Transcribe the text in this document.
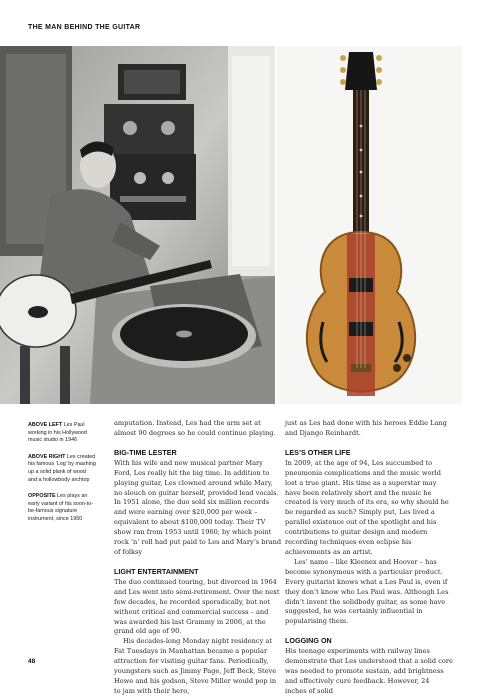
THE MAN BEHIND THE GUITAR

ABOVE LEFT Les Paul working in his Hollywood music studio in 1946

ABOVE RIGHT Les created his famous ‘Log’ by mashing up a solid plank of wood and a hollowbody archtop

OPPOSITE Les plays an early variant of his soon-to-be-famous signature instrument, since 1950

amputation. Instead, Les had the arm set at almost 90 degrees so he could continue playing.

BIG-TIME LESTER

With his wife and new musical partner Mary Ford, Les really hit the big time. In addition to playing guitar, Les clowned around while Mary, no slouch on guitar herself, provided lead vocals. In 1951 alone, the duo sold six million records and were earning over $20,000 per week – equivalent to about $100,000 today. Their TV show ran from 1953 until 1960, by which point rock ’n’ roll had put paid to Les and Mary’s brand of folksy

LIGHT ENTERTAINMENT

The duo continued touring, but divorced in 1964 and Les went into semi-retirement. Over the next few decades, he recorded sporadically, but not without critical and commercial success – and was awarded his last Grammy in 2006, at the grand old age of 90.

His decades-long Monday night residency at Fat Tuesdays in Manhattan became a popular attraction for visiting guitar fans. Periodically, youngsters such as Jimmy Page, Jeff Beck, Steve Howe and his godson, Steve Miller would pop in to jam with their hero,

just as Les had done with his heroes Eddie Lang and Django Reinhardt.

LES’S OTHER LIFE

In 2009, at the age of 94, Les succumbed to pneumonia complications and the music world lost a true giant. His time as a superstar may have been relatively short and the music he created is very much of its era, so why should he be regarded as such? Simply put, Les lived a parallel existence out of the spotlight and his contributions to guitar design and modern recording techniques even eclipse his achievements as an artist.

Les’ name – like Kleenex and Hoover – has become synonymous with a particular product. Every guitarist knows what a Les Paul is, even if they don’t know who Les Paul was. Although Les didn’t invent the solidbody guitar, as some have suggested, he was certainly influential in popularising them.

LOGGING ON

His teenage experiments with railway lines demonstrate that Les understood that a solid core was needed to promote sustain, add brightness and effectively cure feedback. However, 24 inches of solid

48
